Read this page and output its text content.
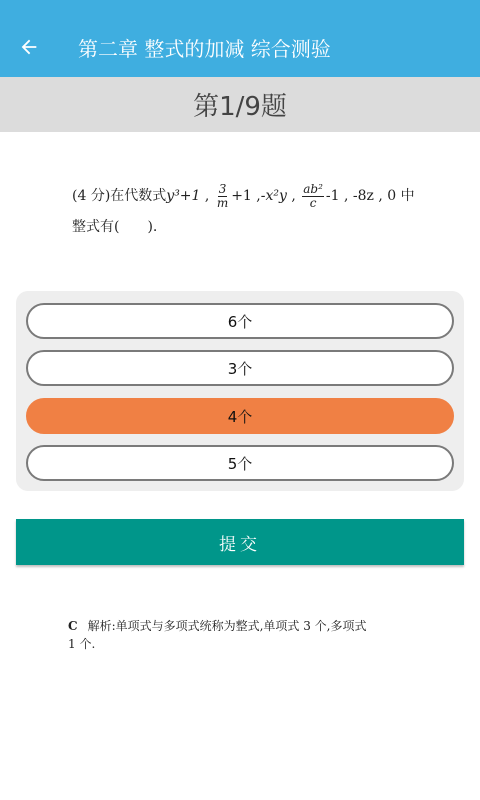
第二章 整式的加减 综合测验
第1/9题
(4 分)在代数式 y³+1 , $\frac{3}{m} +1$ , -x²y , $\frac{\text{ab²}}{c} -1$ , -8z , 0 中
整式有(　　).
6个
3个
4个
5个
提交
C 解析:单项式与多项式统称为整式,单项式 3 个,多项式
1 个.
